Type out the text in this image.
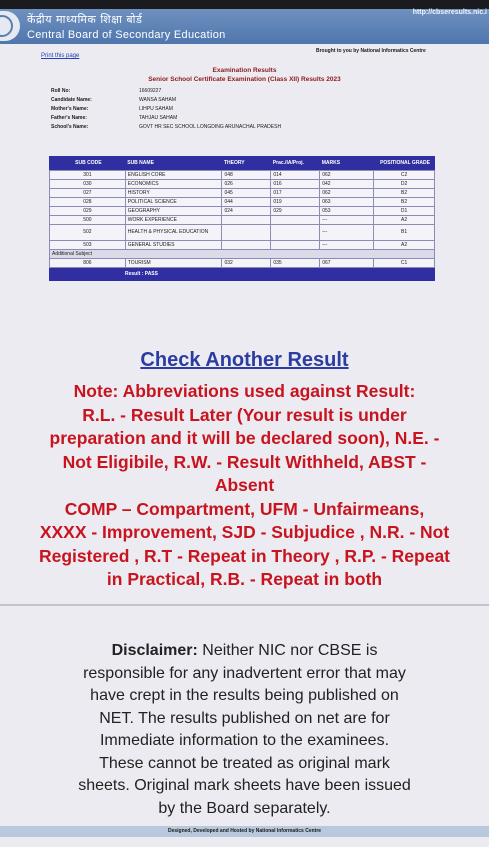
केंद्रीय माध्यमिक शिक्षा बोर्ड
Central Board of Secondary Education
http://cbseresults.nic.i
Print this page
Brought to you by National Informatics Centre
Examination Results
Senior School Certificate Examination (Class XII) Results 2023
Roll No:	16609227
Candidate Name:	WANSA SAHAM
Mother's Name:	LIHPU SAHAM
Father's Name:	TAHJAU SAHAM
School's Name:	GOVT HR SEC SCHOOL LONGDING ARUNACHAL PRADESH
SUB CODE	SUB NAME	THEORY	Prac./IA/Proj.	MARKS	POSITIONAL GRADE
301	ENGLISH CORE	048	014	062	C2
030	ECONOMICS	026	016	042	D2
027	HISTORY	045	017	062	B2
028	POLITICAL SCIENCE	044	019	063	B2
029	GEOGRAPHY	024	029	053	D1
500	WORK EXPERIENCE			---	A2
502	HEALTH & PHYSICAL EDUCATION			---	B1
503	GENERAL STUDIES			---	A2
Additional Subject					
806	TOURISM	032	035	067	C1
Result : PASS
Check Another Result
Note: Abbreviations used against Result:
R.L. - Result Later (Your result is under
preparation and it will be declared soon), N.E. -
Not Eligibile, R.W. - Result Withheld, ABST -
Absent
COMP – Compartment, UFM - Unfairmeans,
XXXX - Improvement, SJD - Subjudice , N.R. - Not
Registered , R.T - Repeat in Theory , R.P. - Repeat
in Practical, R.B. - Repeat in both
Disclaimer: Neither NIC nor CBSE is
responsible for any inadvertent error that may
have crept in the results being published on
NET. The results published on net are for
Immediate information to the examinees.
These cannot be treated as original mark
sheets. Original mark sheets have been issued
by the Board separately.
Designed, Developed and Hosted by National Informatics Centre
